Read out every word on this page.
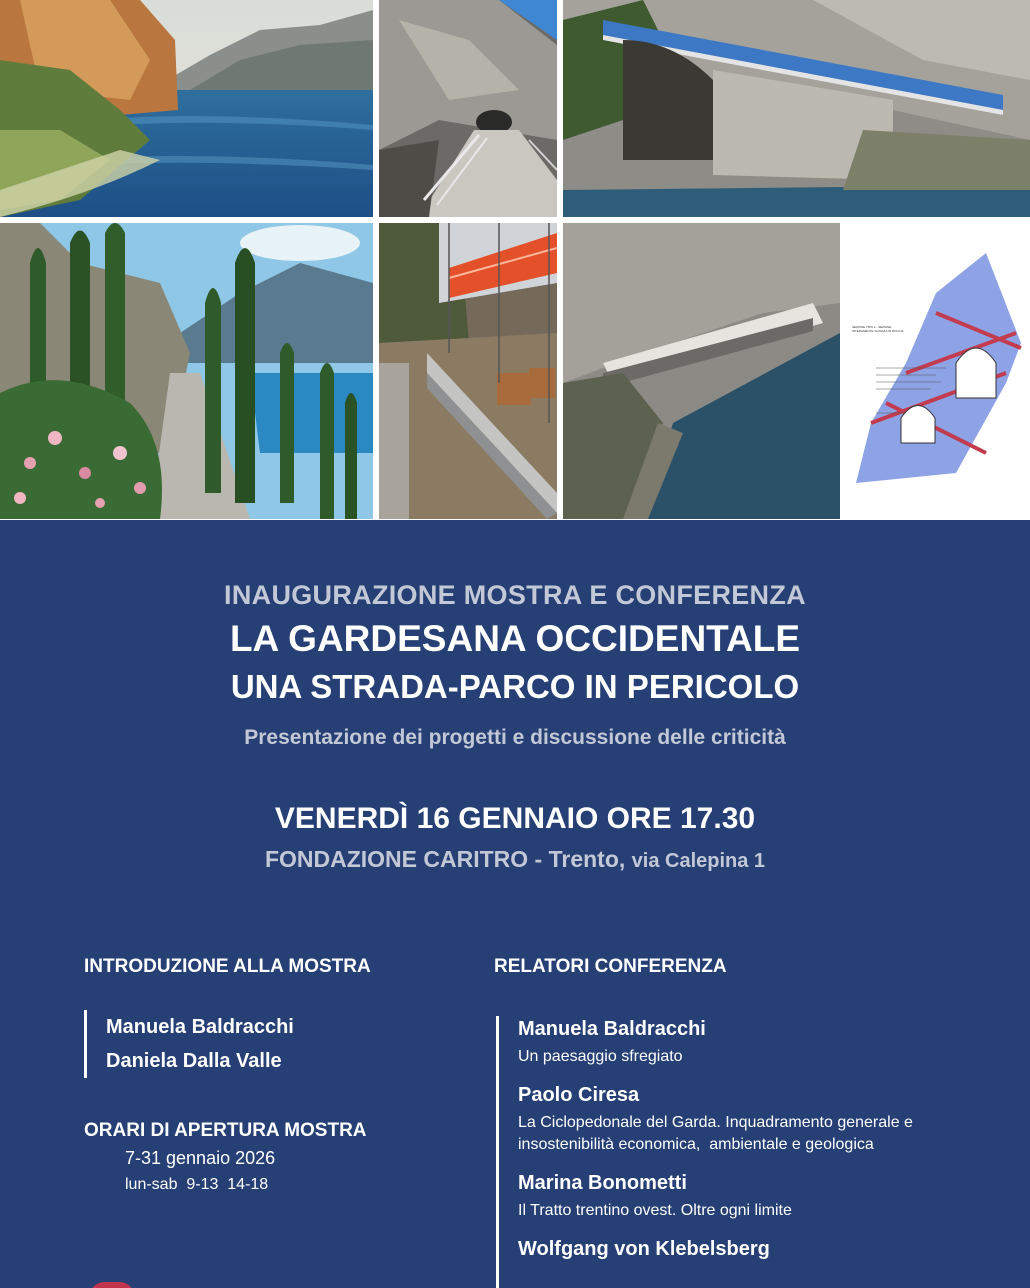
SEZIONE TIPO 1 - SEZIONE INTERAMENTE SCAVATA IN ROCCIA
INAUGURAZIONE MOSTRA E CONFERENZA
LA GARDESANA OCCIDENTALE
UNA STRADA-PARCO IN PERICOLO
Presentazione dei progetti e discussione delle criticità
VENERDÌ 16 GENNAIO ORE 17.30
FONDAZIONE CARITRO - Trento, via Calepina 1
INTRODUZIONE ALLA MOSTRA
Manuela Baldracchi
Daniela Dalla Valle
ORARI DI APERTURA MOSTRA
7-31 gennaio 2026
lun-sab  9-13  14-18
RELATORI CONFERENZA
Manuela Baldracchi
Un paesaggio sfregiato
Paolo Ciresa
La Ciclopedonale del Garda. Inquadramento generale e insostenibilità economica,  ambientale e geologica
Marina Bonometti
Il Tratto trentino ovest. Oltre ogni limite
Wolfgang von Klebelsberg
